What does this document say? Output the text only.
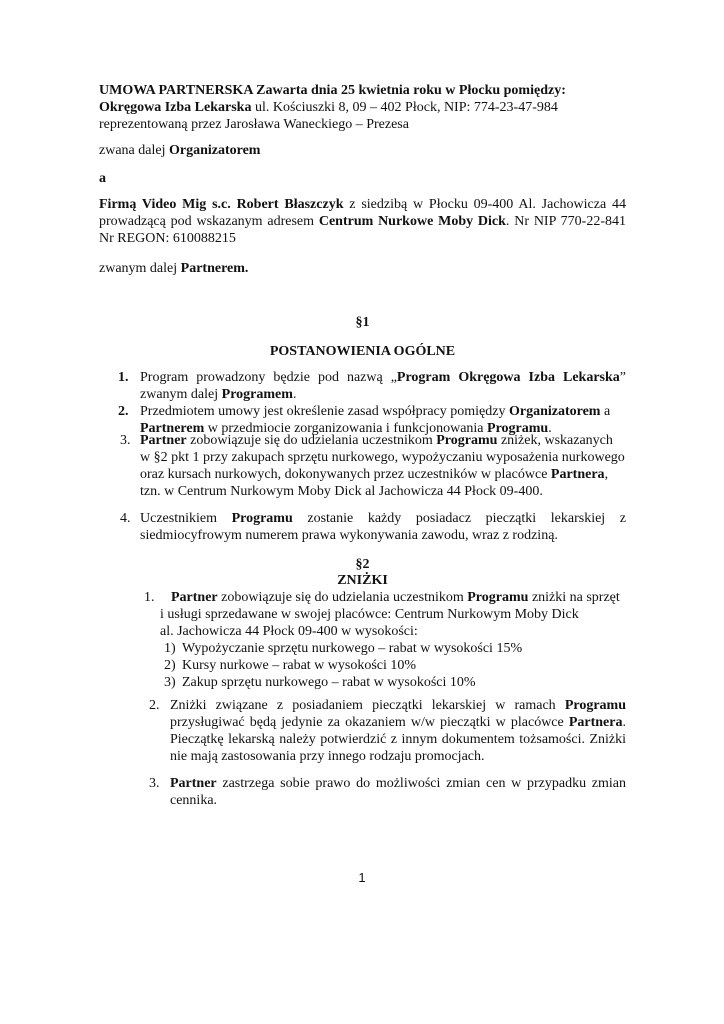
UMOWA PARTNERSKA Zawarta dnia 25 kwietnia roku w Płocku pomiędzy:
Okręgowa Izba Lekarska ul. Kościuszki 8, 09 – 402 Płock, NIP: 774-23-47-984
reprezentowaną przez Jarosława Waneckiego – Prezesa
zwana dalej Organizatorem
a
Firmą Video Mig s.c. Robert Błaszczyk z siedzibą w Płocku 09-400 Al. Jachowicza 44 prowadzącą pod wskazanym adresem Centrum Nurkowe Moby Dick. Nr NIP 770-22-841 Nr REGON: 610088215
zwanym dalej Partnerem.
§1
POSTANOWIENIA OGÓLNE
1. Program prowadzony będzie pod nazwą „Program Okręgowa Izba Lekarska” zwanym dalej Programem.
2. Przedmiotem umowy jest określenie zasad współpracy pomiędzy Organizatorem a Partnerem w przedmiocie zorganizowania i funkcjonowania Programu.
3. Partner zobowiązuje się do udzielania uczestnikom Programu zniżek, wskazanych w §2 pkt 1 przy zakupach sprzętu nurkowego, wypożyczaniu wyposażenia nurkowego oraz kursach nurkowych, dokonywanych przez uczestników w placówce Partnera, tzn. w Centrum Nurkowym Moby Dick al Jachowicza 44 Płock 09-400.
4. Uczestnikiem Programu zostanie każdy posiadacz pieczątki lekarskiej z siedmiocyfrowym numerem prawa wykonywania zawodu, wraz z rodziną.
§2
ZNIŻKI
1.	Partner zobowiązuje się do udzielania uczestnikom Programu zniżki na sprzęt i usługi sprzedawane w swojej placówce: Centrum Nurkowym Moby Dick
al. Jachowicza 44 Płock 09-400 w wysokości:
1) Wypożyczanie sprzętu nurkowego – rabat w wysokości 15%
2) Kursy nurkowe – rabat w wysokości 10%
3) Zakup sprzętu nurkowego – rabat w wysokości 10%
2. Zniżki związane z posiadaniem pieczątki lekarskiej w ramach Programu przysługiwać będą jedynie za okazaniem w/w pieczątki w placówce Partnera. Pieczątkę lekarską należy potwierdzić z innym dokumentem tożsamości. Zniżki nie mają zastosowania przy innego rodzaju promocjach.
3. Partner zastrzega sobie prawo do możliwości zmian cen w przypadku zmian cennika.
1
